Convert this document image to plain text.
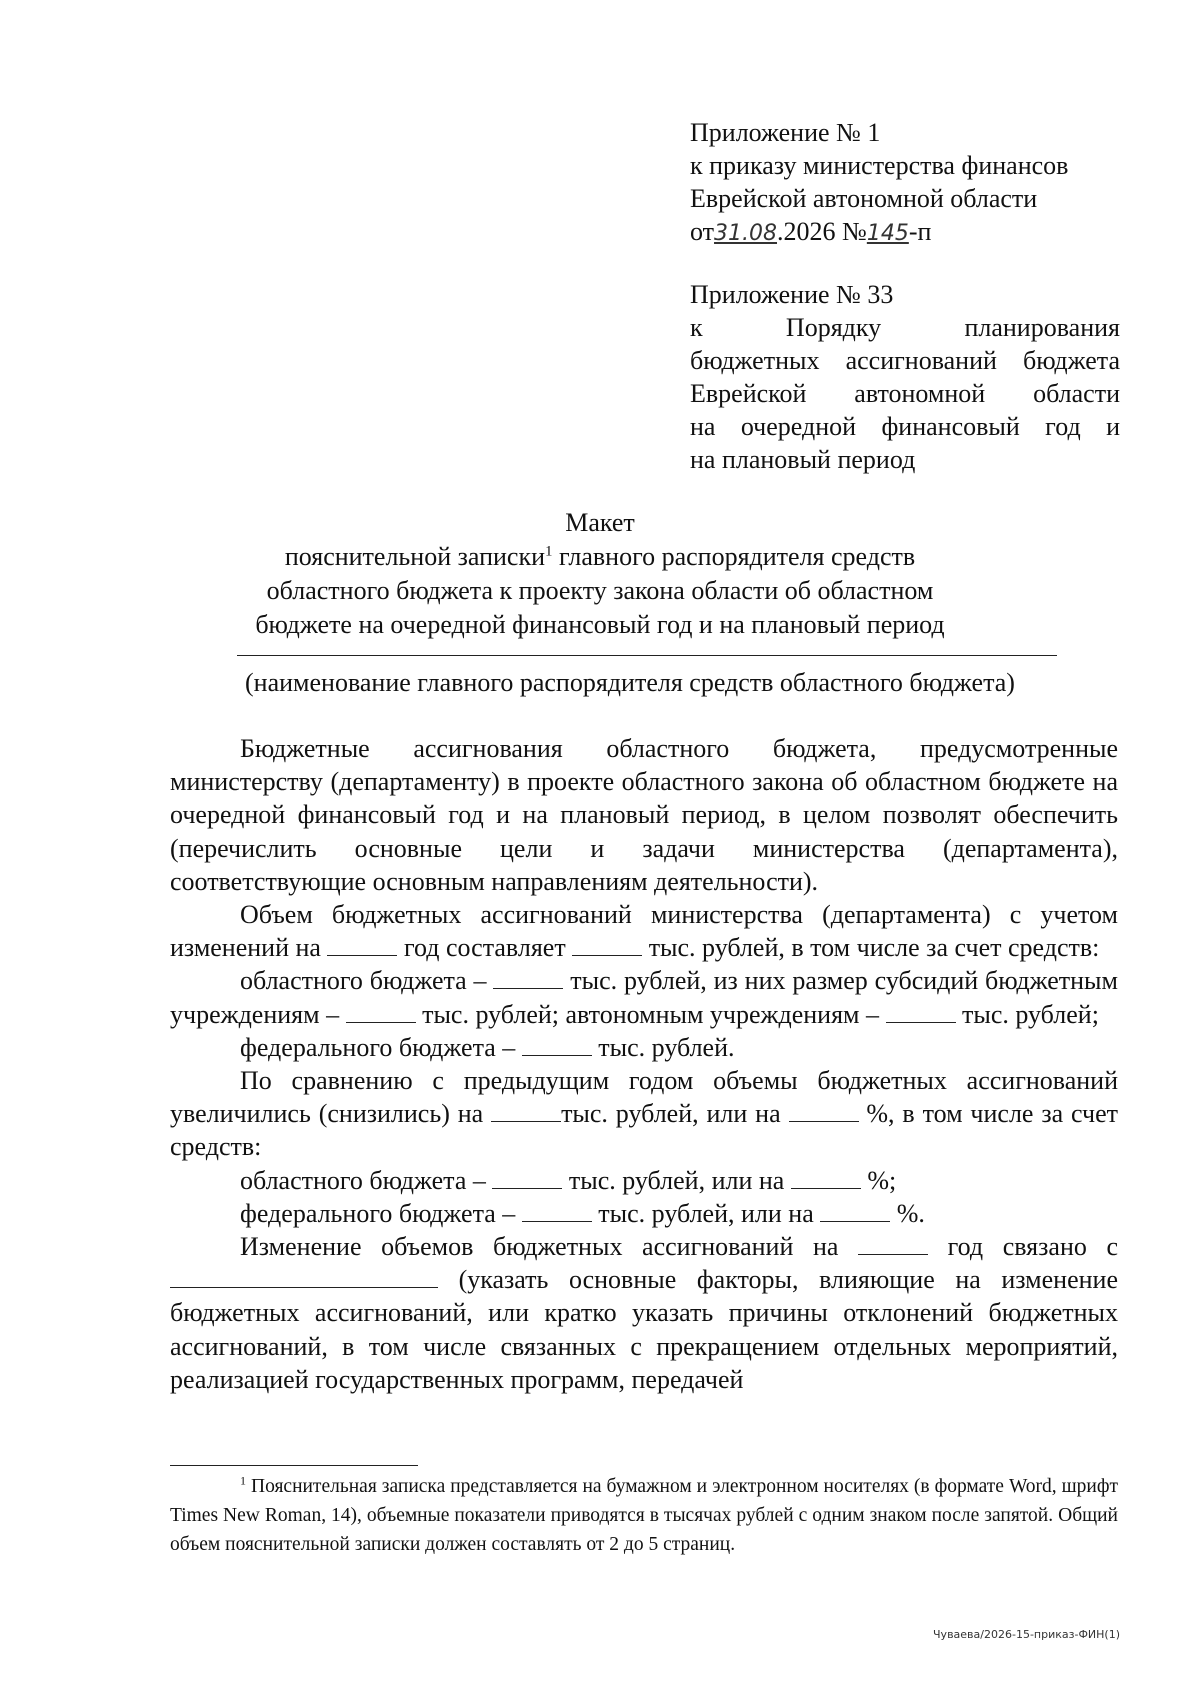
Приложение № 1

к приказу министерства финансов

Еврейской автономной области

от31.08.2026 №145-п

Приложение № 33

к Порядку планирования

бюджетных ассигнований бюджета

Еврейской автономной области

на очередной финансовый год и

на плановый период

Макет

пояснительной записки$^1$ главного распорядителя средств

областного бюджета к проекту закона области об областном

бюджете на очередной финансовый год и на плановый период

(наименование главного распорядителя средств областного бюджета)

Бюджетные ассигнования областного бюджета, предусмотренные министерству (департаменту) в проекте областного закона об областном бюджете на очередной финансовый год и на плановый период, в целом позволят обеспечить (перечислить основные цели и задачи министерства (департамента), соответствующие основным направлениям деятельности).

Объем бюджетных ассигнований министерства (департамента) с учетом изменений на	год составляет	тыс. рублей, в том числе за счет средств:

областного бюджета –	тыс. рублей, из них размер субсидий бюджетным учреждениям –	тыс. рублей; автономным учреждениям –	тыс. рублей;

федерального бюджета –	тыс. рублей.

По сравнению с предыдущим годом объемы бюджетных ассигнований увеличились (снизились) на	тыс. рублей, или на	%, в том числе за счет средств:

областного бюджета –	тыс. рублей, или на	%;

федерального бюджета –	тыс. рублей, или на	%.

Изменение объемов бюджетных ассигнований на	год связано с  (указать основные факторы, влияющие на изменение бюджетных ассигнований, или кратко указать причины отклонений бюджетных ассигнований, в том числе связанных с прекращением отдельных мероприятий, реализацией государственных программ, передачей

$^1$ Пояснительная записка представляется на бумажном и электронном носителях (в формате Word, шрифт Times New Roman, 14), объемные показатели приводятся в тысячах рублей с одним знаком после запятой. Общий объем пояснительной записки должен составлять от 2 до 5 страниц.

Чуваева/2026-15-приказ-ФИН(1)
